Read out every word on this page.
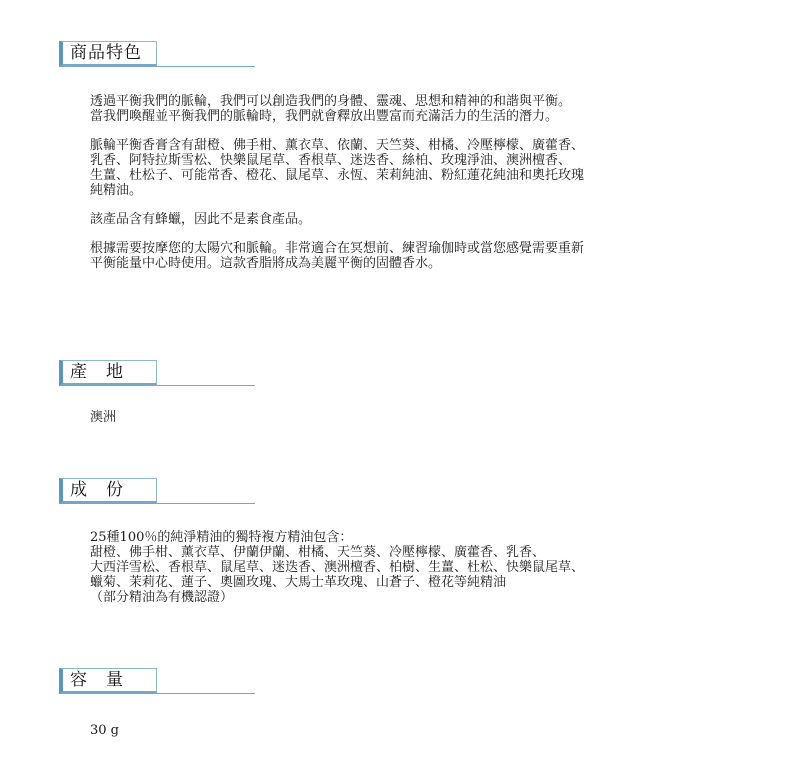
商品特色

透過平衡我們的脈輪，我們可以創造我們的身體、靈魂、思想和精神的和諧與平衡。
當我們喚醒並平衡我們的脈輪時，我們就會釋放出豐富而充滿活力的生活的潛力。

脈輪平衡香膏含有甜橙、佛手柑、薰衣草、依蘭、天竺葵、柑橘、冷壓檸檬、廣藿香、
乳香、阿特拉斯雪松、快樂鼠尾草、香根草、迷迭香、絲柏、玫瑰淨油、澳洲檀香、
生薑、杜松子、可能常香、橙花、鼠尾草、永恆、茉莉純油、粉紅蓮花純油和奧托玫瑰
純精油。

該產品含有蜂蠟，因此不是素食產品。

根據需要按摩您的太陽穴和脈輪。非常適合在冥想前、練習瑜伽時或當您感覺需要重新
平衡能量中心時使用。這款香脂將成為美麗平衡的固體香水。

產　地

澳洲

成　份

25種100％的純淨精油的獨特複方精油包含：
甜橙、佛手柑、薰衣草、伊蘭伊蘭、柑橘、天竺葵、冷壓檸檬、廣藿香、乳香、
大西洋雪松、香根草、鼠尾草、迷迭香、澳洲檀香、柏樹、生薑、杜松、快樂鼠尾草、
蠟菊、茉莉花、蓮子、奧圖玫瑰、大馬士革玫瑰、山蒼子、橙花等純精油
（部分精油為有機認證）

容　量

30 g
